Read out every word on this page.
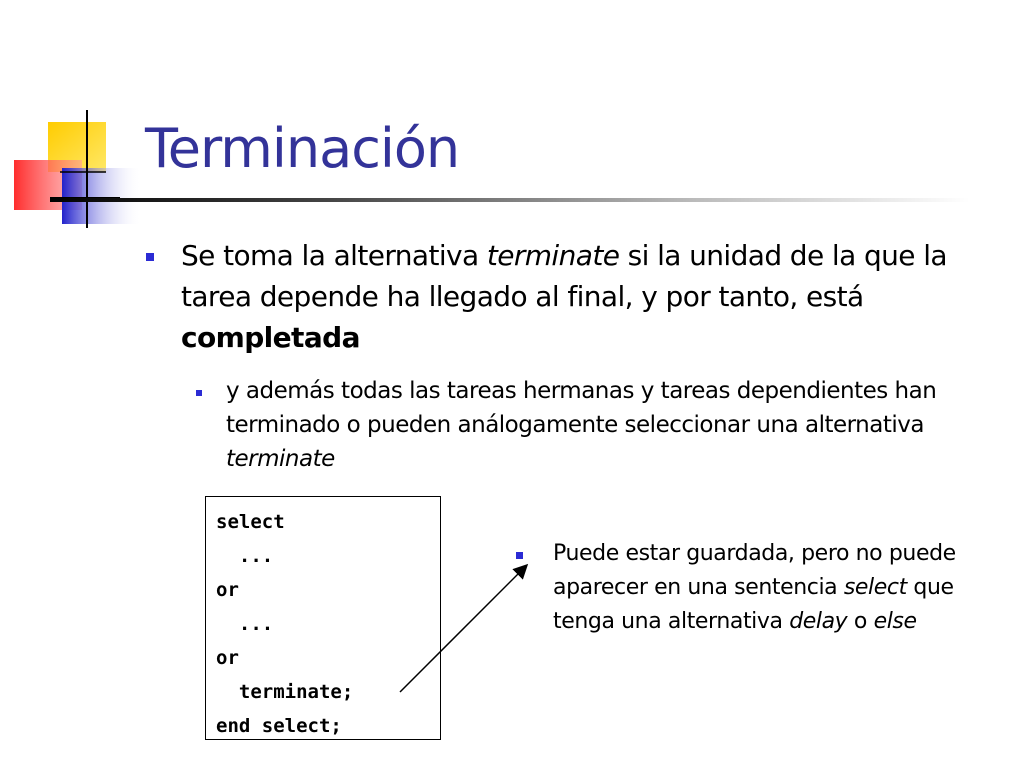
Terminación
Se toma la alternativa terminate si la unidad de la que la tarea depende ha llegado al final, y por tanto, está completada
y además todas las tareas hermanas y tareas dependientes han terminado o pueden análogamente seleccionar una alternativa terminate
select
...
or
...
or
terminate;
end select;
Puede estar guardada, pero no puede aparecer en una sentencia select que tenga una alternativa delay o else
